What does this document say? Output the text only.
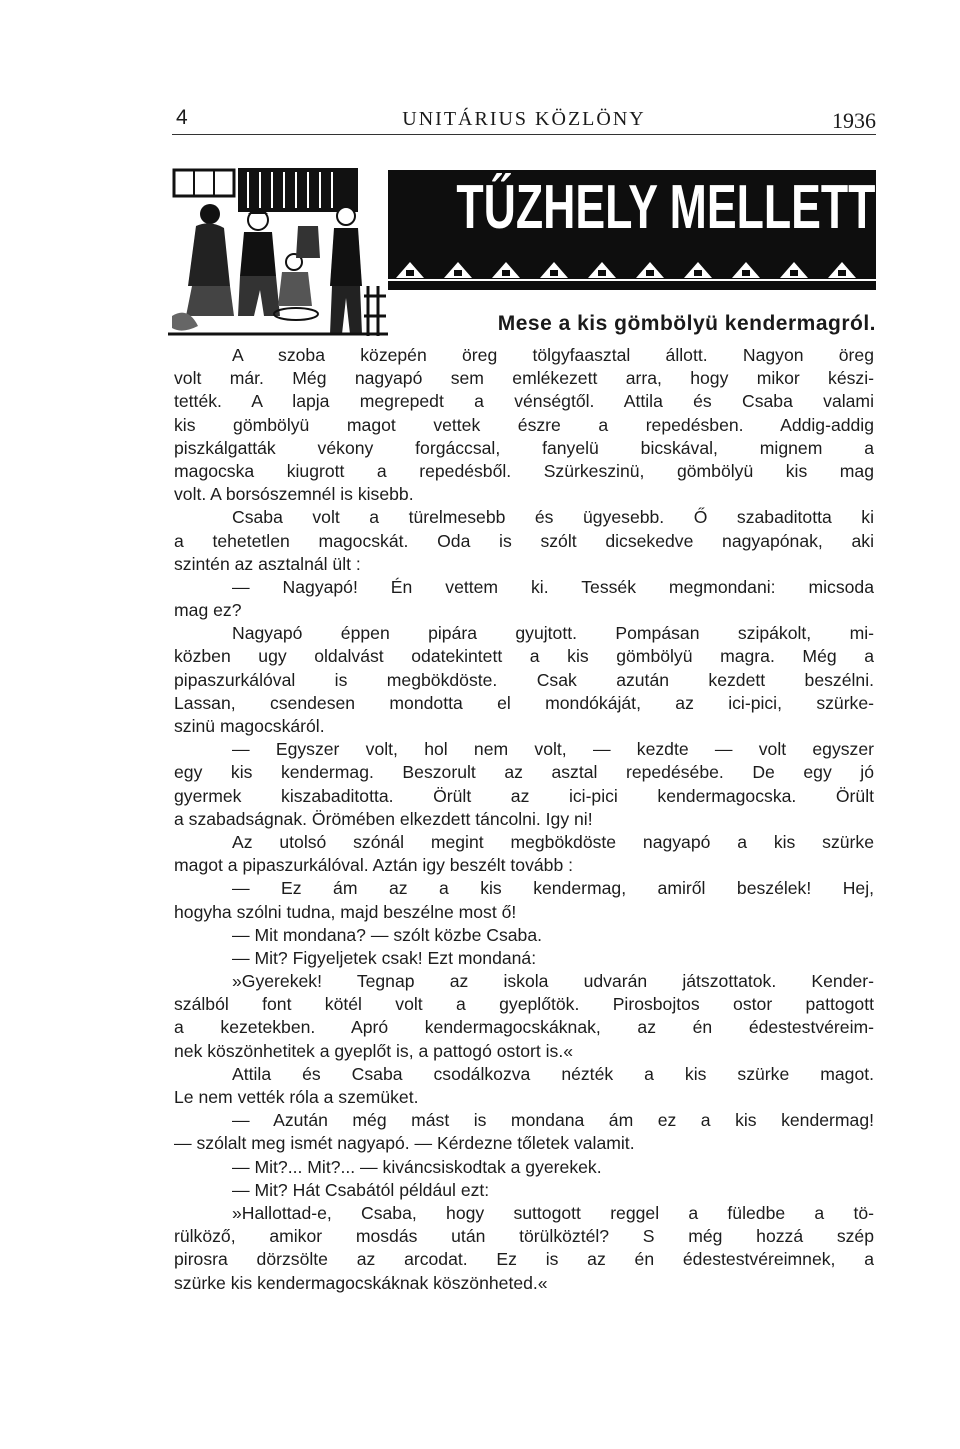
4	UNITÁRIUS KÖZLÖNY	1936
TŰZHELY MELLETT
Mese a kis gömbölyü kendermagról.
A szoba közepén öreg tölgyfaasztal állott. Nagyon öreg
volt már. Még nagyapó sem emlékezett arra, hogy mikor készi-
tették. A lapja megrepedt a vénségtől. Attila és Csaba valami
kis gömbölyü magot vettek észre a repedésben. Addig-addig
piszkálgatták vékony forgáccsal, fanyelü bicskával, mignem a
magocska kiugrott a repedésből. Szürkeszinü, gömbölyü kis mag
volt. A borsószemnél is kisebb.
Csaba volt a türelmesebb és ügyesebb. Ő szabaditotta ki
a tehetetlen magocskát. Oda is szólt dicsekedve nagyapónak, aki
szintén az asztalnál ült :
— Nagyapó! Én vettem ki. Tessék megmondani: micsoda
mag ez?
Nagyapó éppen pipára gyujtott. Pompásan szipákolt, mi-
közben ugy oldalvást odatekintett a kis gömbölyü magra. Még a
pipaszurkálóval is megbökdöste. Csak azután kezdett beszélni.
Lassan, csendesen mondotta el mondókáját, az ici-pici, szürke-
szinü magocskáról.
— Egyszer volt, hol nem volt, — kezdte — volt egyszer
egy kis kendermag. Beszorult az asztal repedésébe. De egy jó
gyermek kiszabaditotta. Örült az ici-pici kendermagocska. Örült
a szabadságnak. Örömében elkezdett táncolni. Igy ni!
Az utolsó szónál megint megbökdöste nagyapó a kis szürke
magot a pipaszurkálóval. Aztán igy beszélt tovább :
— Ez ám az a kis kendermag, amiről beszélek! Hej,
hogyha szólni tudna, majd beszélne most ő!
— Mit mondana? — szólt közbe Csaba.
— Mit? Figyeljetek csak! Ezt mondaná:
»Gyerekek! Tegnap az iskola udvarán játszottatok. Kender-
szálból font kötél volt a gyeplőtök. Pirosbojtos ostor pattogott
a kezetekben. Apró kendermagocskáknak, az én édestestvéreim-
nek köszönhetitek a gyeplőt is, a pattogó ostort is.«
Attila és Csaba csodálkozva nézték a kis szürke magot.
Le nem vették róla a szemüket.
— Azután még mást is mondana ám ez a kis kendermag!
— szólalt meg ismét nagyapó. — Kérdezne tőletek valamit.
— Mit?... Mit?... — kiváncsiskodtak a gyerekek.
— Mit? Hát Csabától például ezt:
»Hallottad-e, Csaba, hogy suttogott reggel a füledbe a tö-
rülköző, amikor mosdás után törülköztél? S még hozzá szép
pirosra dörzsölte az arcodat. Ez is az én édestestvéreimnek, a
szürke kis kendermagocskáknak köszönheted.«
